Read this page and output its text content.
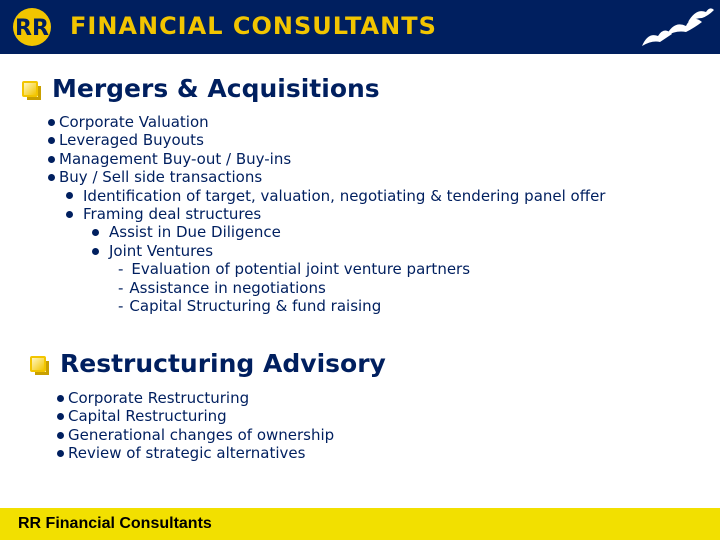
RR FINANCIAL CONSULTANTS
Mergers & Acquisitions
Corporate Valuation
Leveraged Buyouts
Management Buy-out / Buy-ins
Buy / Sell side transactions
Identification of target, valuation, negotiating & tendering panel offer
Framing deal structures
Assist in Due Diligence
Joint Ventures
- Evaluation of potential joint venture partners
- Assistance in negotiations
- Capital Structuring & fund raising
Restructuring Advisory
Corporate Restructuring
Capital Restructuring
Generational changes of ownership
Review of strategic alternatives
RR Financial Consultants
